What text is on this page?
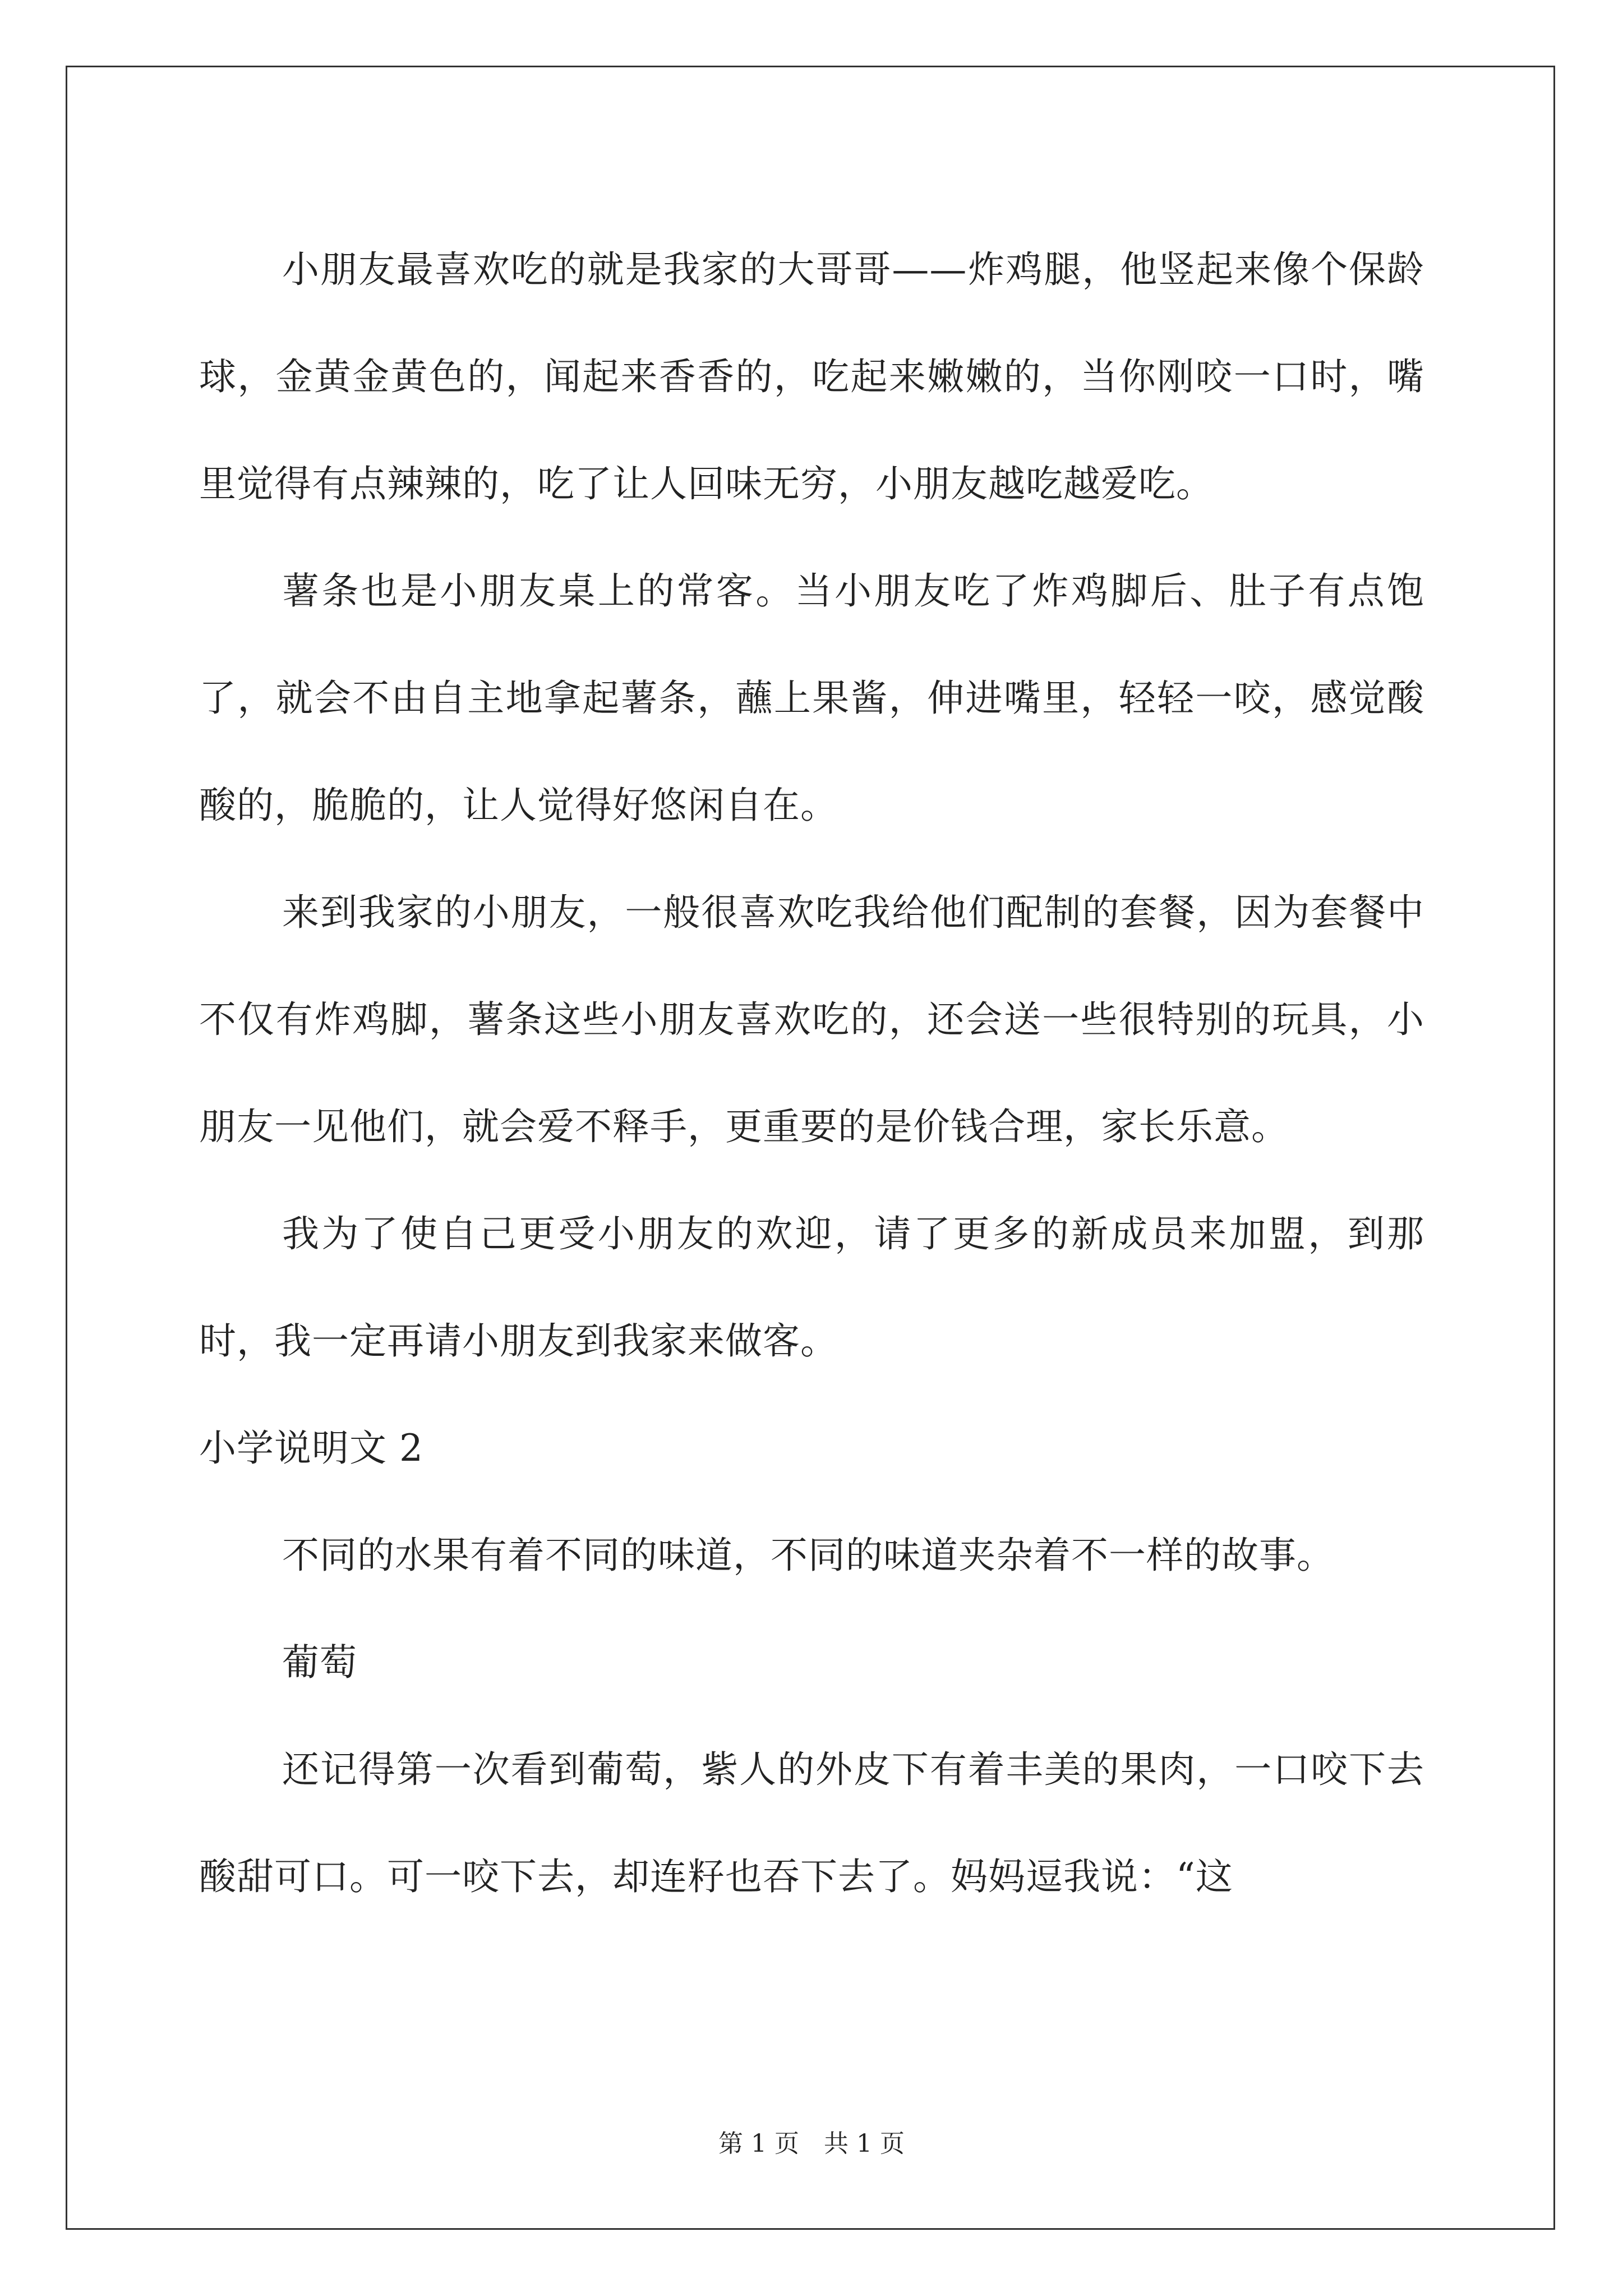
小朋友最喜欢吃的就是我家的大哥哥——炸鸡腿，他竖起来像个保龄球，金黄金黄色的，闻起来香香的，吃起来嫩嫩的，当你刚咬一口时，嘴里觉得有点辣辣的，吃了让人回味无穷，小朋友越吃越爱吃。

薯条也是小朋友桌上的常客。当小朋友吃了炸鸡脚后、肚子有点饱了，就会不由自主地拿起薯条，蘸上果酱，伸进嘴里，轻轻一咬，感觉酸酸的，脆脆的，让人觉得好悠闲自在。

来到我家的小朋友，一般很喜欢吃我给他们配制的套餐，因为套餐中不仅有炸鸡脚，薯条这些小朋友喜欢吃的，还会送一些很特别的玩具，小朋友一见他们，就会爱不释手，更重要的是价钱合理，家长乐意。

我为了使自己更受小朋友的欢迎，请了更多的新成员来加盟，到那时，我一定再请小朋友到我家来做客。

小学说明文 2

不同的水果有着不同的味道，不同的味道夹杂着不一样的故事。

葡萄

还记得第一次看到葡萄，紫人的外皮下有着丰美的果肉，一口咬下去酸甜可口。可一咬下去，却连籽也吞下去了。妈妈逗我说：“这

第 1 页　共 1 页
